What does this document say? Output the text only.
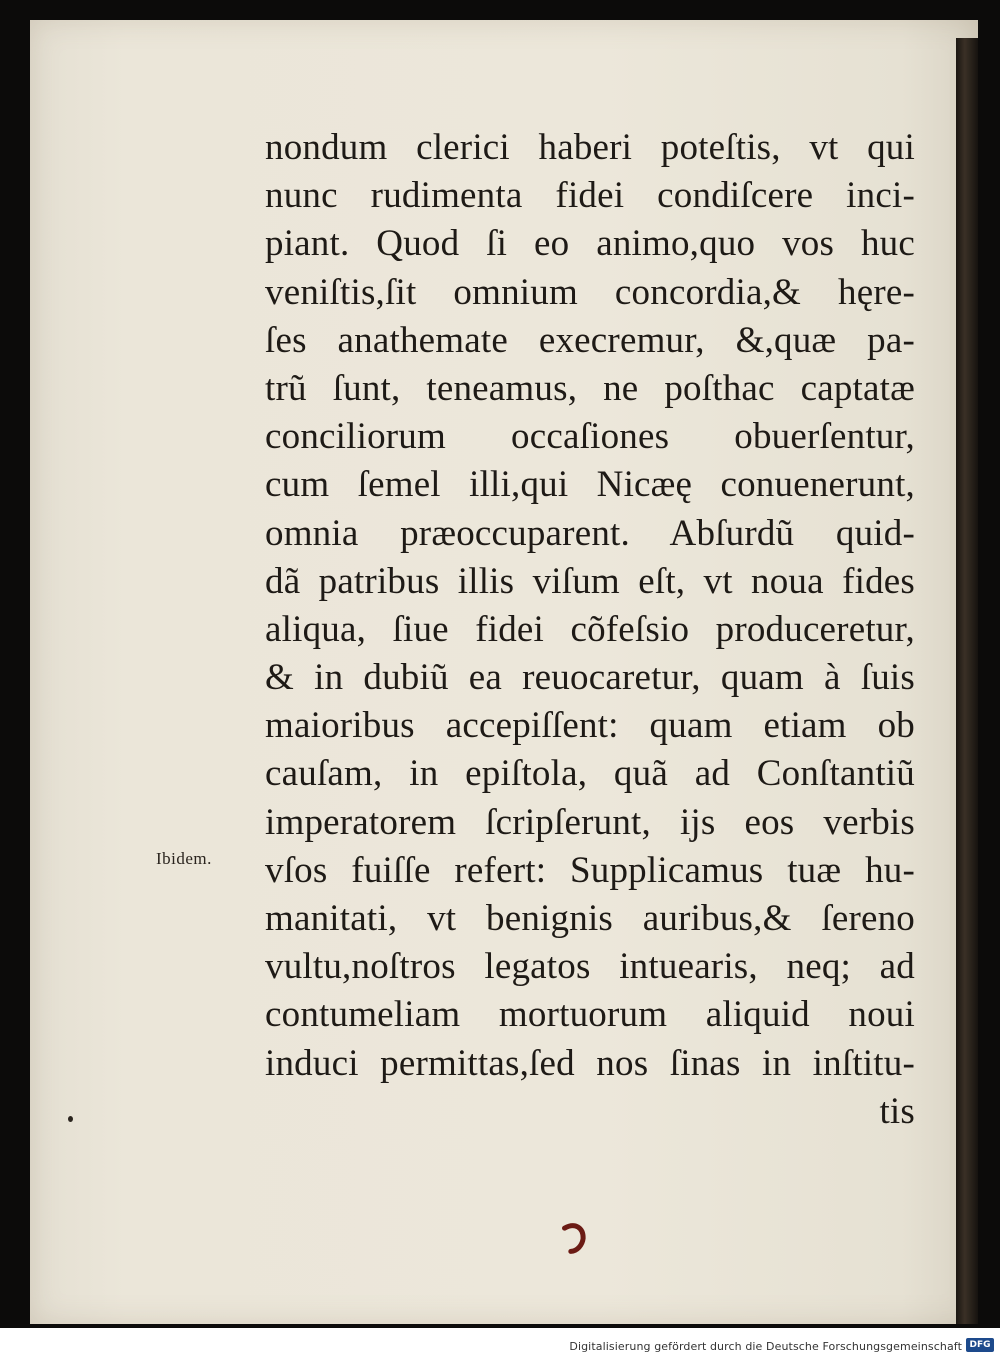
Ibidem.
nondum clerici haberi poteſtis, vt qui
nunc rudimenta fidei condiſcere inci-
piant. Quod ſi eo animo,quo vos huc
veniſtis,ſit omnium concordia,& hęre-
ſes anathemate execremur, &,quæ pa-
trũ ſunt, teneamus, ne poſthac captatæ
conciliorum occaſiones obuerſentur,
cum ſemel illi,qui Nicæę conuenerunt,
omnia præoccuparent. Abſurdũ quid-
dã patribus illis viſum eſt, vt noua fides
aliqua, ſiue fidei cõfeſsio produceretur,
& in dubiũ ea reuocaretur, quam à ſuis
maioribus accepiſſent: quam etiam ob
cauſam, in epiſtola, quã ad Conſtantiũ
imperatorem ſcripſerunt, ijs eos verbis
vſos fuiſſe refert: Supplicamus tuæ hu-
manitati, vt benignis auribus,& ſereno
vultu,noſtros legatos intuearis, neq; ad
contumeliam mortuorum aliquid noui
induci permittas,ſed nos ſinas in inſtitu-
tis
Digitalisierung gefördert durch die Deutsche Forschungsgemeinschaft DFG
